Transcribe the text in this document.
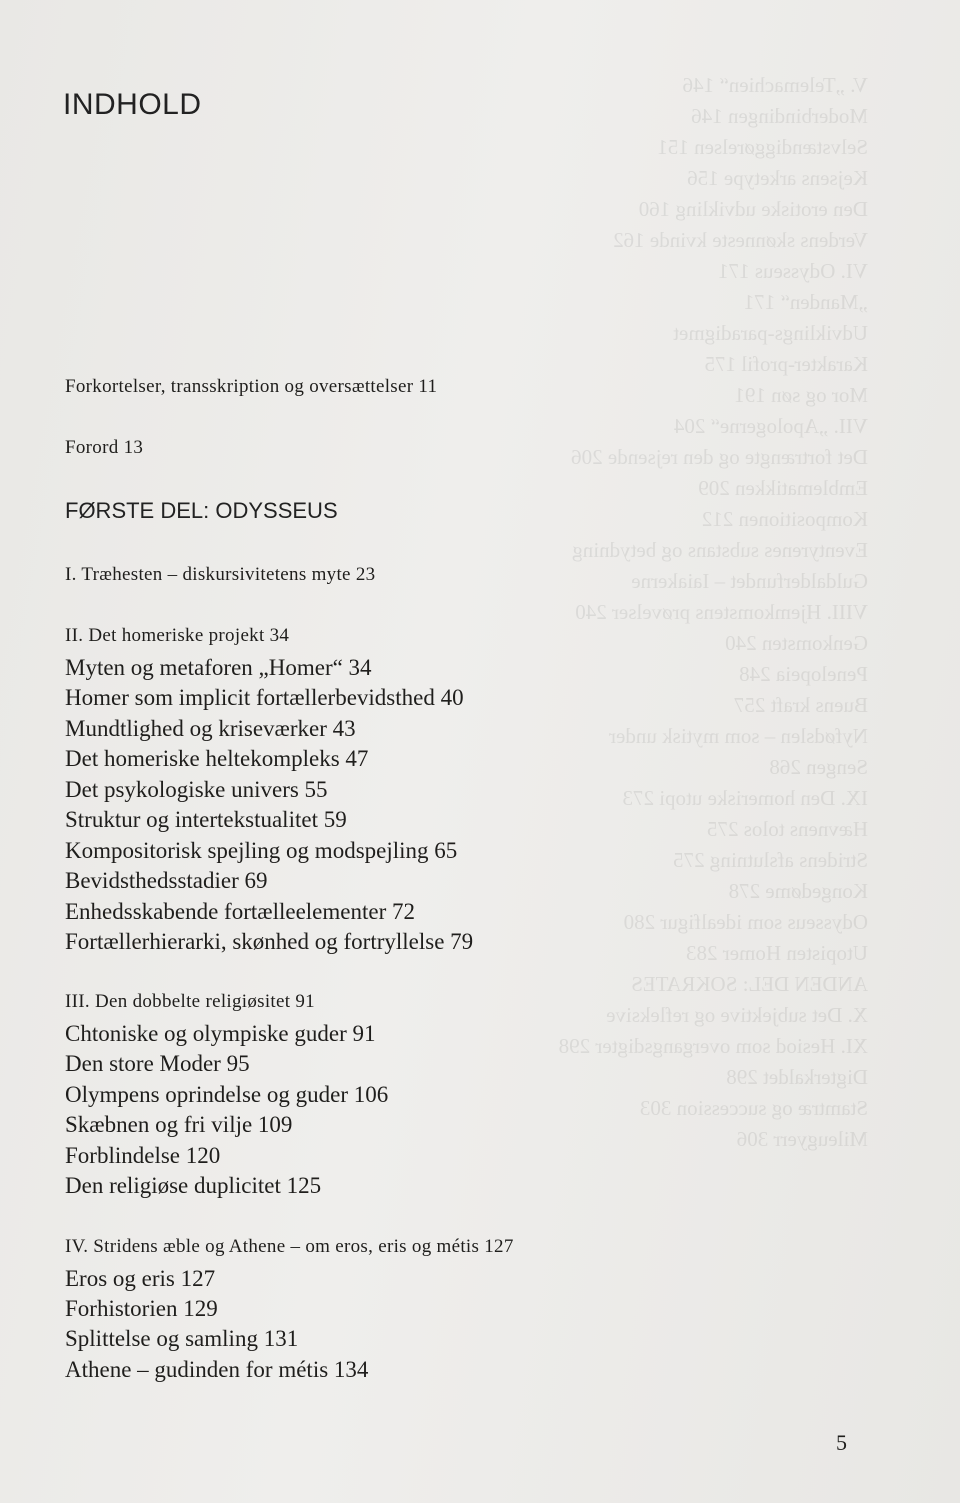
V. „Telemachien“ 146
Moderbindingen 146
Selvstændiggørelsen 151
Kejsens arketype 156
Den erotiske udvikling 160
Verdens skønneste kvinde 162
VI. Odysseus 171
„Manden“ 171
Udviklings-paradigmet
Karakter-profil 175
Mor og søn 191
VII. „Apologerne“ 204
Det fortrængte og den rejsende 206
Emblematikken 209
Kompositionen 212
Eventyrenes substans og betydning
Guldalderfundet – Iaiakerne
VIII. Hjemkomstens prøvelser 240
Genkomsten 240
Penelopeia 248
Buens kraft 257
Nyfødslen – som mytisk under
Sengen 268
IX. Den homeriske utopi 273
Hævnens tolos 275
Stridens afslutning 275
Kongedøme 278
Odysseus som idealfigur 280
Utopisten Homer 283
ANDEN DEL: SOKRATES
X. Det subjektive og refleksive
XI. Hesiod som overgangsdigter 298
Digterkaldet 298
Stamtræ og succession 303
Mileugyerr 306
INDHOLD
Forkortelser, transskription og oversættelser 11
Forord 13
FØRSTE DEL: ODYSSEUS
I. Træhesten – diskursivitetens myte 23
II. Det homeriske projekt 34
Myten og metaforen „Homer“ 34
Homer som implicit fortællerbevidsthed 40
Mundtlighed og kriseværker 43
Det homeriske heltekompleks 47
Det psykologiske univers 55
Struktur og intertekstualitet 59
Kompositorisk spejling og modspejling 65
Bevidsthedsstadier 69
Enhedsskabende fortælleelementer 72
Fortællerhierarki, skønhed og fortryllelse 79
III. Den dobbelte religiøsitet 91
Chtoniske og olympiske guder 91
Den store Moder 95
Olympens oprindelse og guder 106
Skæbnen og fri vilje 109
Forblindelse 120
Den religiøse duplicitet 125
IV. Stridens æble og Athene – om eros, eris og métis 127
Eros og eris 127
Forhistorien 129
Splittelse og samling 131
Athene – gudinden for métis 134
5
